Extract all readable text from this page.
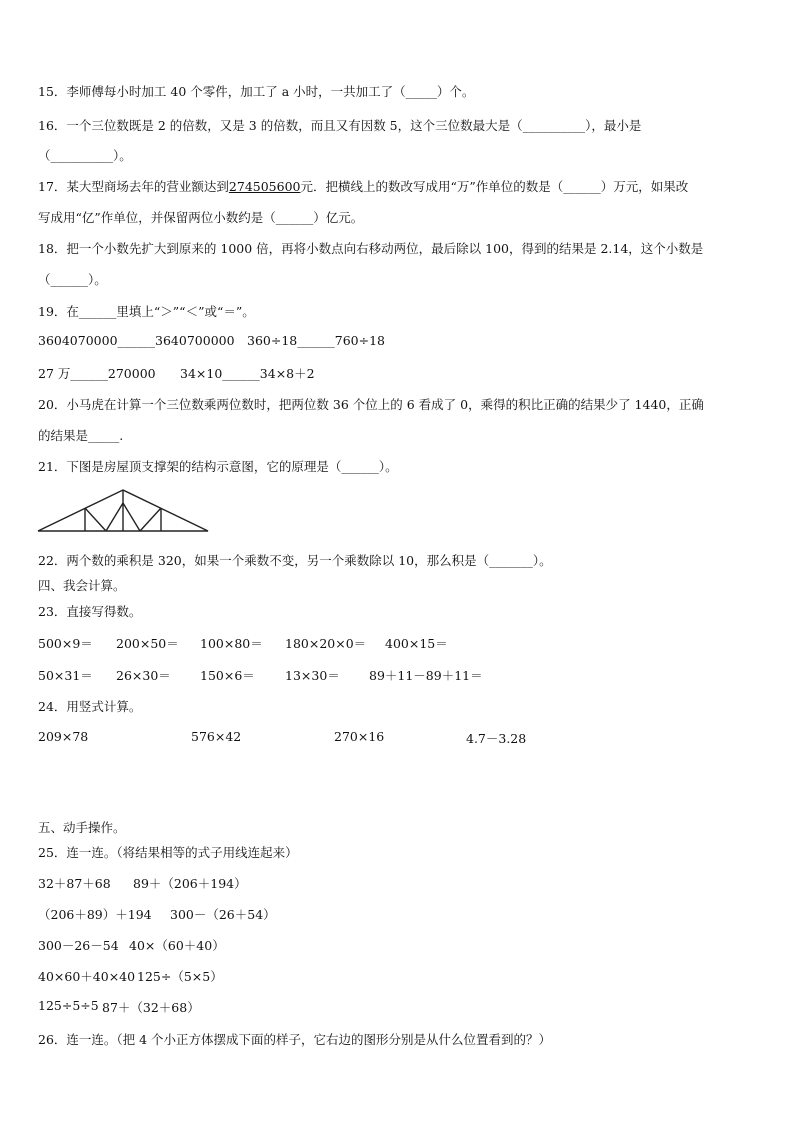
15．李师傅每小时加工 40 个零件，加工了 a 小时，一共加工了（_____）个。
16．一个三位数既是 2 的倍数，又是 3 的倍数，而且又有因数 5，这个三位数最大是（__________），最小是
（__________）。
17．某大型商场去年的营业额达到274505600元．把横线上的数改写成用“万”作单位的数是（______）万元，如果改
写成用“亿”作单位，并保留两位小数约是（______）亿元。
18．把一个小数先扩大到原来的 1000 倍，再将小数点向右移动两位，最后除以 100，得到的结果是 2.14，这个小数是
（______）。
19．在______里填上“＞”“＜”或“＝”。
3604070000______3640700000 360÷18______760÷18
27 万______270000 34×10______34×8＋2
20．小马虎在计算一个三位数乘两位数时，把两位数 36 个位上的 6 看成了 0，乘得的积比正确的结果少了 1440，正确
的结果是_____.
21．下图是房屋顶支撑架的结构示意图，它的原理是（______）。
22．两个数的乘积是 320，如果一个乘数不变，另一个乘数除以 10，那么积是（_______）。
四、我会计算。
23．直接写得数。
500×9＝ 200×50＝ 100×80＝ 180×20×0＝ 400×15＝
50×31＝ 26×30＝ 150×6＝ 13×30＝ 89＋11－89＋11＝
24．用竖式计算。
209×78	576×42	270×16	4.7－3.28
五、动手操作。
25．连一连。（将结果相等的式子用线连起来）
32＋87＋68 89＋（206＋194）
（206＋89）＋194 300－（26＋54）
300－26－54 40×（60＋40）
40×60＋40×40 125÷（5×5）
125÷5÷5 87＋（32＋68）
26．连一连。（把 4 个小正方体摆成下面的样子，它右边的图形分别是从什么位置看到的？）
